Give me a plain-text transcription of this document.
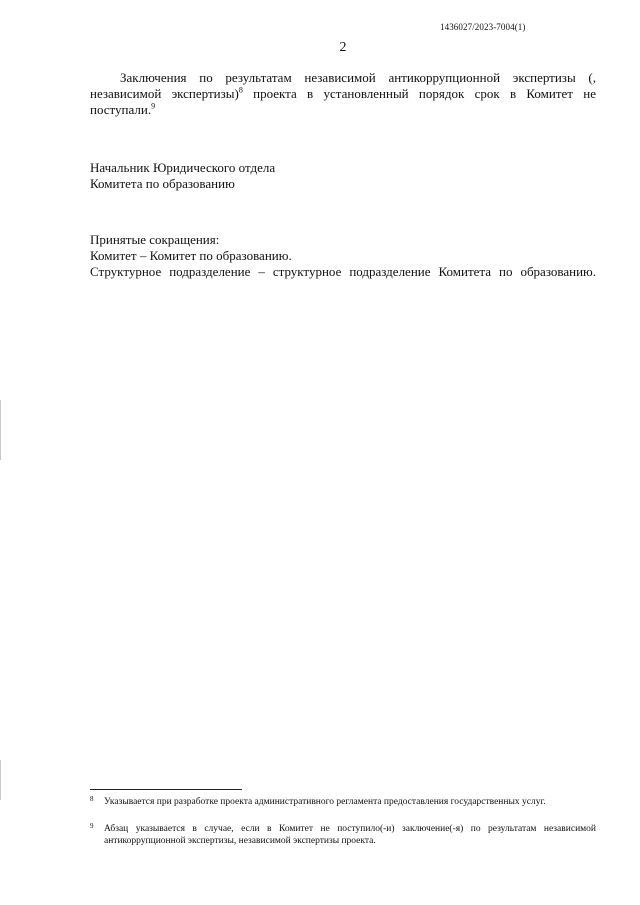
1436027/2023-7004(1)
2
Заключения по результатам независимой антикоррупционной экспертизы (, независимой экспертизы)$^8$ проекта в установленный порядок срок в Комитет не поступали.$^9$
Начальник Юридического отдела
Комитета по образованию
Принятые сокращения:
Комитет – Комитет по образованию.
Структурное подразделение – структурное подразделение Комитета по образованию.
8 Указывается при разработке проекта административного регламента предоставления государственных услуг.
9 Абзац указывается в случае, если в Комитет не поступило(-и) заключение(-я) по результатам независимой антикоррупционной экспертизы, независимой экспертизы проекта.
